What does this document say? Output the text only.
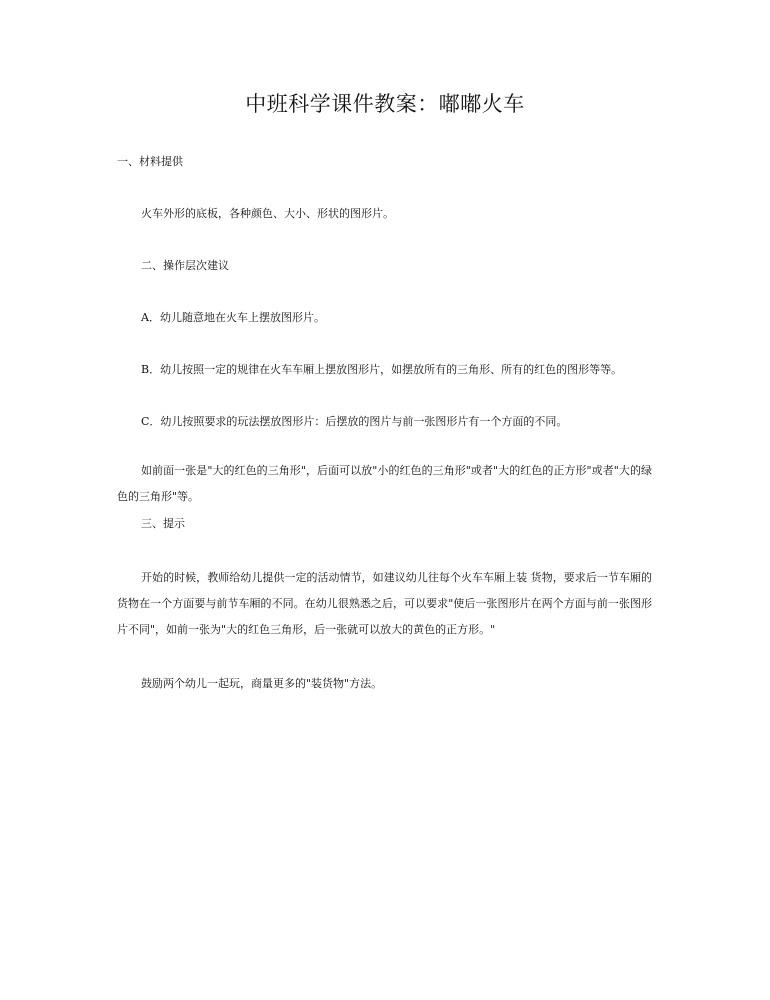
中班科学课件教案：嘟嘟火车
一、材料提供
火车外形的底板，各种颜色、大小、形状的图形片。
二、操作层次建议
A．幼儿随意地在火车上摆放图形片。
B．幼儿按照一定的规律在火车车厢上摆放图形片，如摆放所有的三角形、所有的红色的图形等等。
C．幼儿按照要求的玩法摆放图形片：后摆放的图片与前一张图形片有一个方面的不同。
如前面一张是"大的红色的三角形"，后面可以放"小的红色的三角形"或者"大的红色的正方形"或者"大的绿色的三角形"等。
三、提示
开始的时候，教师给幼儿提供一定的活动情节，如建议幼儿往每个火车车厢上装 货物，要求后一节车厢的货物在一个方面要与前节车厢的不同。在幼儿很熟悉之后，可以要求"使后一张图形片在两个方面与前一张图形片不同"，如前一张为"大的红色三角形，后一张就可以放大的黄色的正方形。"
鼓励两个幼儿一起玩，商量更多的"装货物"方法。
